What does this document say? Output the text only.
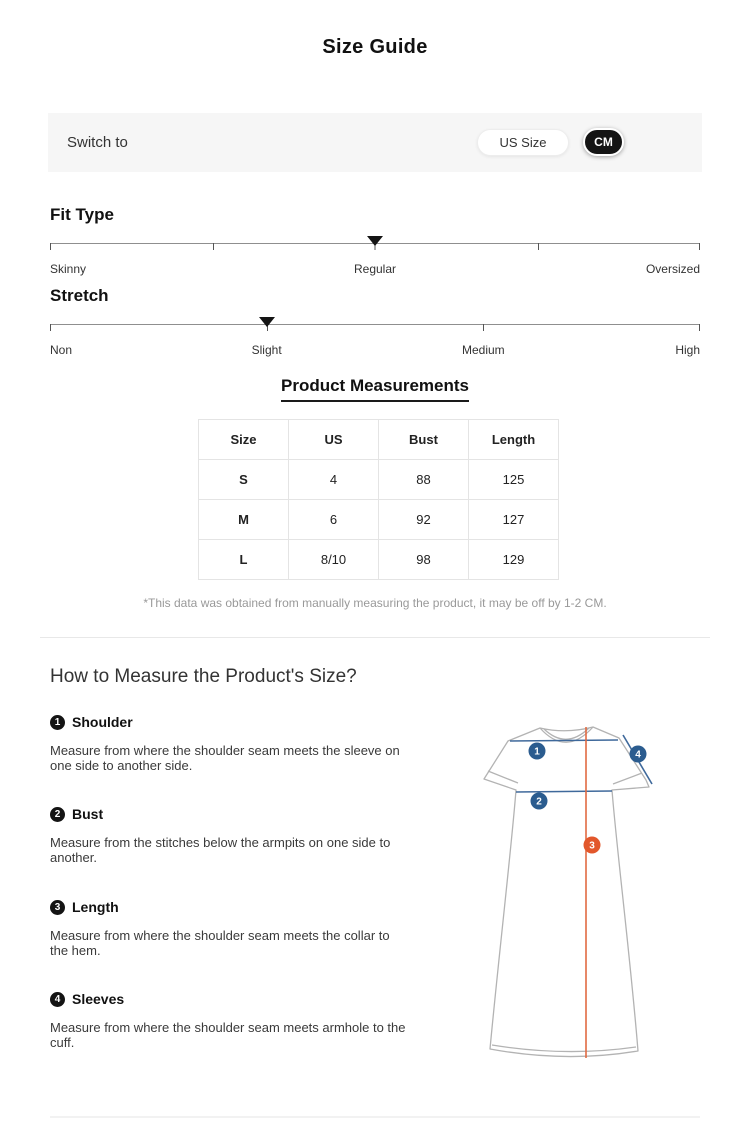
Size Guide
Switch to	US Size	CM
Fit Type
Skinny	Regular	Oversized
Stretch
Non	Slight	Medium	High
Product Measurements
Size	US	Bust	Length
S	4	88	125
M	6	92	127
L	8/10	98	129
*This data was obtained from manually measuring the product, it may be off by 1-2 CM.
How to Measure the Product's Size?
1 Shoulder
Measure from where the shoulder seam meets the sleeve on one side to another side.
2 Bust
Measure from the stitches below the armpits on one side to another.
3 Length
Measure from where the shoulder seam meets the collar to the hem.
4 Sleeves
Measure from where the shoulder seam meets armhole to the cuff.
1
2
3
4
